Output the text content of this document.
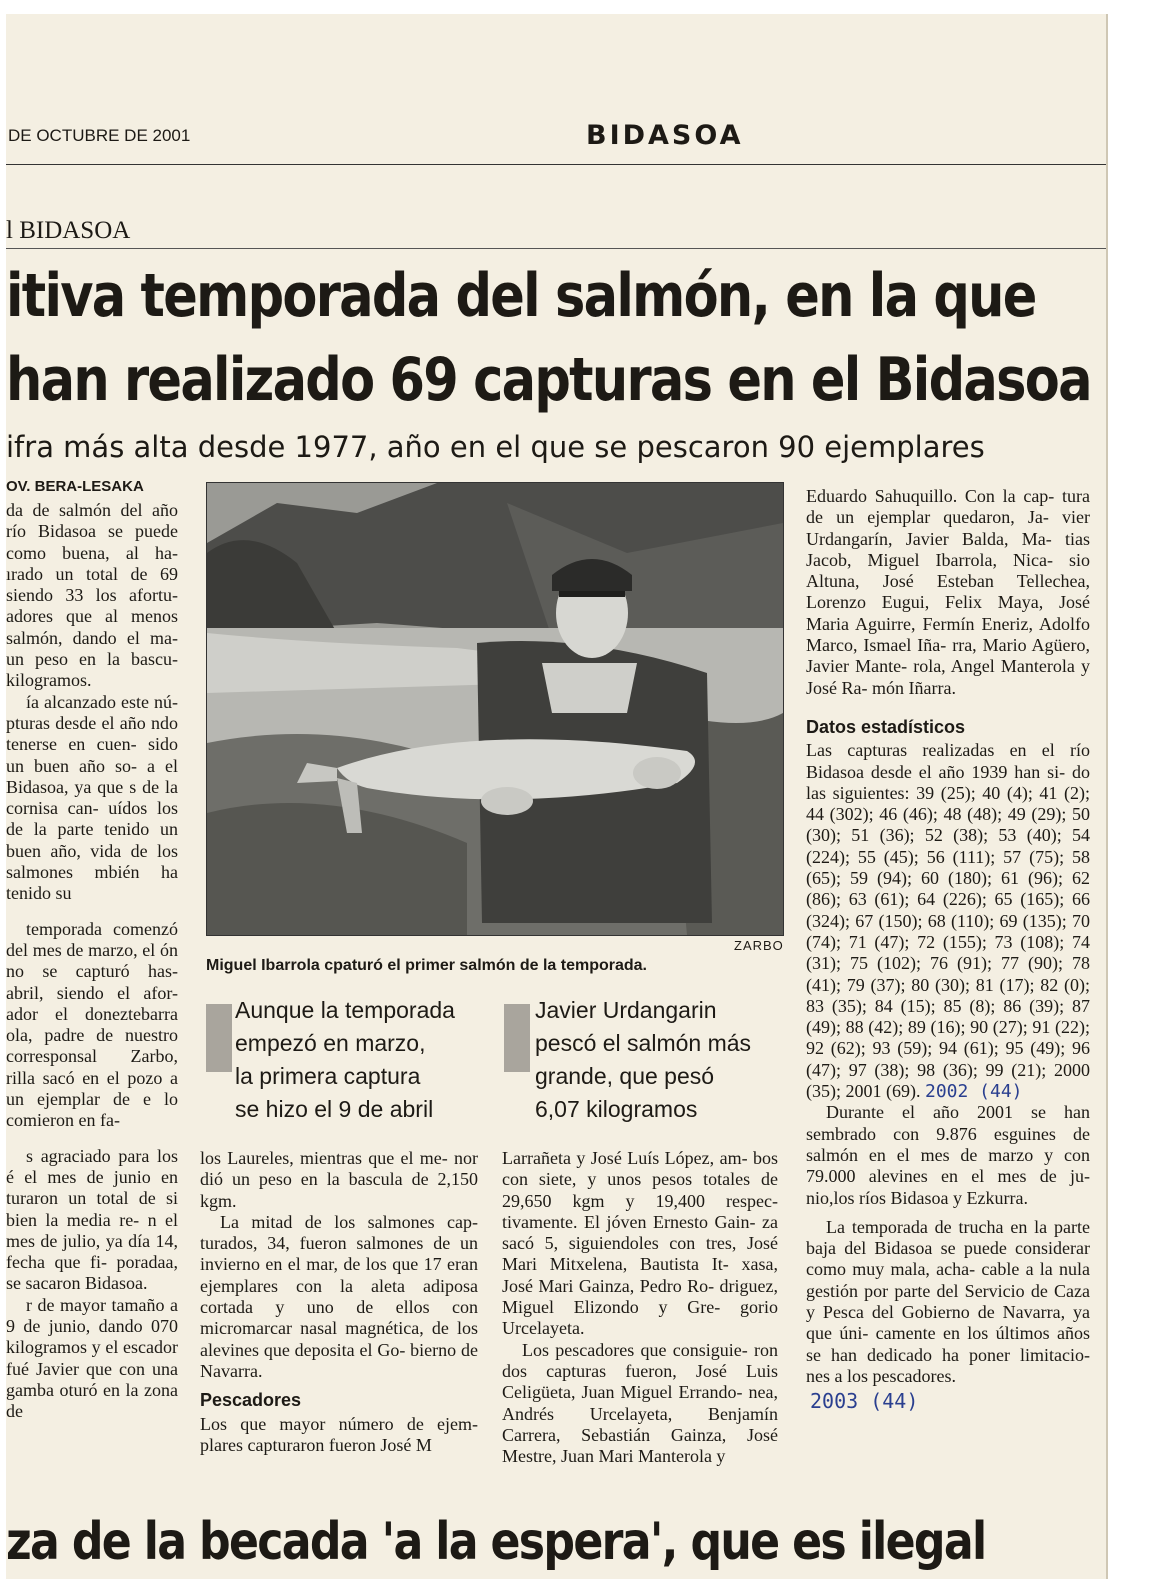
DE OCTUBRE DE 2001	BIDASOA
l BIDASOA
itiva temporada del salmón, en la que
han realizado 69 capturas en el Bidasoa
ifra más alta desde 1977, año en el que se pescaron 90 ejemplares
OV. BERA-LESAKA

da de salmón del año río Bidasoa se puede como buena, al ha- ırado un total de 69 siendo 33 los afortu- adores que al menos salmón, dando el ma- un peso en la bascu- kilogramos.

ía alcanzado este nú- pturas desde el año ndo tenerse en cuen- sido un buen año so- a el Bidasoa, ya que s de la cornisa can- uídos los de la parte tenido un buen año, vida de los salmones mbién ha tenido su

temporada comenzó del mes de marzo, el ón no se capturó has- abril, siendo el afor- ador el doneztebarra ola, padre de nuestro corresponsal Zarbo, rilla sacó en el pozo a un ejemplar de e lo comieron en fa-

s agraciado para los é el mes de junio en turaron un total de si bien la media re- n el mes de julio, ya día 14, fecha que fi- poradaa, se sacaron Bidasoa.

r de mayor tamaño a 9 de junio, dando 070 kilogramos y el escador fué Javier que con una gamba oturó en la zona de

ZARBO
Miguel Ibarrola cpaturó el primer salmón de la temporada.
Aunque la temporada
empezó en marzo,
la primera captura
se hizo el 9 de abril
Javier Urdangarin
pescó el salmón más
grande, que pesó
6,07 kilogramos

los Laureles, mientras que el me- nor dió un peso en la bascula de 2,150 kgm.

La mitad de los salmones cap- turados, 34, fueron salmones de un invierno en el mar, de los que 17 eran ejemplares con la aleta adiposa cortada y uno de ellos con micromarcar nasal magnética, de los alevines que deposita el Go- bierno de Navarra.

Pescadores

Los que mayor número de ejem- plares capturaron fueron José M

Larrañeta y José Luís López, am- bos con siete, y unos pesos totales de 29,650 kgm y 19,400 respec- tivamente. El jóven Ernesto Gain- za sacó 5, siguiendoles con tres, José Mari Mitxelena, Bautista It- xasa, José Mari Gainza, Pedro Ro- driguez, Miguel Elizondo y Gre- gorio Urcelayeta.

Los pescadores que consiguie- ron dos capturas fueron, José Luis Celigüeta, Juan Miguel Errando- nea, Andrés Urcelayeta, Benjamín Carrera, Sebastián Gainza, José Mestre, Juan Mari Manterola y

Eduardo Sahuquillo. Con la cap- tura de un ejemplar quedaron, Ja- vier Urdangarín, Javier Balda, Ma- tias Jacob, Miguel Ibarrola, Nica- sio Altuna, José Esteban Tellechea, Lorenzo Eugui, Felix Maya, José Maria Aguirre, Fermín Eneriz, Adolfo Marco, Ismael Iña- rra, Mario Agüero, Javier Mante- rola, Angel Manterola y José Ra- món Iñarra.

Datos estadísticos

Las capturas realizadas en el río Bidasoa desde el año 1939 han si- do las siguientes: 39 (25); 40 (4); 41 (2); 44 (302); 46 (46); 48 (48); 49 (29); 50 (30); 51 (36); 52 (38); 53 (40); 54 (224); 55 (45); 56 (111); 57 (75); 58 (65); 59 (94); 60 (180); 61 (96); 62 (86); 63 (61); 64 (226); 65 (165); 66 (324); 67 (150); 68 (110); 69 (135); 70 (74); 71 (47); 72 (155); 73 (108); 74 (31); 75 (102); 76 (91); 77 (90); 78 (41); 79 (37); 80 (30); 81 (17); 82 (0); 83 (35); 84 (15); 85 (8); 86 (39); 87 (49); 88 (42); 89 (16); 90 (27); 91 (22); 92 (62); 93 (59); 94 (61); 95 (49); 96 (47); 97 (38); 98 (36); 99 (21); 2000 (35); 2001 (69). 2002 (44)

Durante el año 2001 se han sembrado con 9.876 esguines de salmón en el mes de marzo y con 79.000 alevines en el mes de ju- nio,los ríos Bidasoa y Ezkurra.

La temporada de trucha en la parte baja del Bidasoa se puede considerar como muy mala, acha- cable a la nula gestión por parte del Servicio de Caza y Pesca del Gobierno de Navarra, ya que úni- camente en los últimos años se han dedicado ha poner limitacio- nes a los pescadores.

2003 (44)

za de la becada 'a la espera', que es ilegal
